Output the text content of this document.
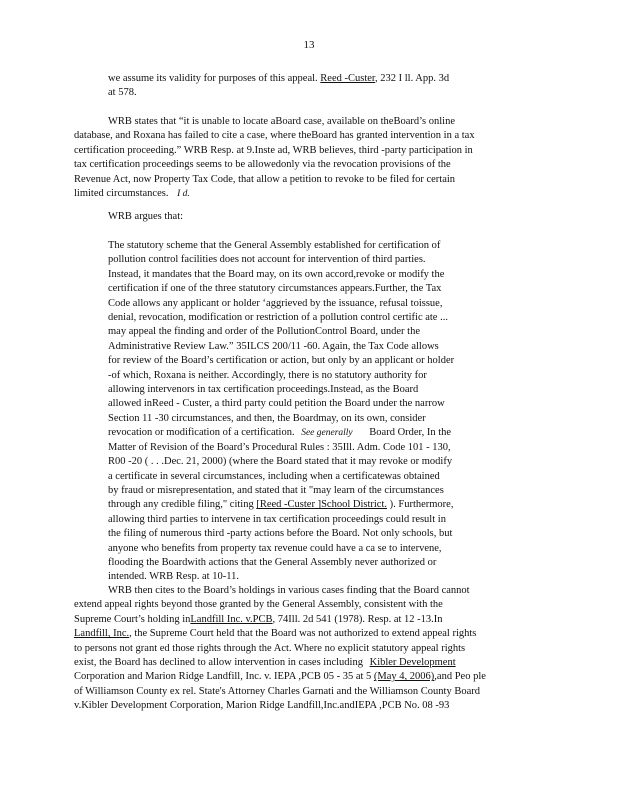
13
we assume its validity for purposes of this appeal. Reed -Custer, 232 I ll. App. 3d
at 578.
WRB states that “it is unable to locate aBoard case, available on theBoard’s online
database, and Roxana has failed to cite a case, where theBoard has granted intervention in a tax
certification proceeding.” WRB Resp. at 9.Inste ad, WRB believes, third -party participation in
tax certification proceedings seems to be allowedonly via the revocation provisions of the
Revenue Act, now Property Tax Code, that allow a petition to revoke to be filed for certain
limited circumstances. I d.
WRB argues that:
The statutory scheme that the General Assembly established for certification of
pollution control facilities does not account for intervention of third parties.
Instead, it mandates that the Board may, on its own accord,revoke or modify the
certification if one of the three statutory circumstances appears.Further, the Tax
Code allows any applicant or holder ‘aggrieved by the issuance, refusal toissue,
denial, revocation, modification or restriction of a pollution control certific ate ...
may appeal the finding and order of the PollutionControl Board, under the
Administrative Review Law.” 35ILCS 200/11 -60. Again, the Tax Code allows
for review of the Board’s certification or action, but only by an applicant or holder
-of which, Roxana is neither. Accordingly, there is no statutory authority for
allowing intervenors in tax certification proceedings.Instead, as the Board
allowed inReed - Custer, a third party could petition the Board under the narrow
Section 11 -30 circumstances, and then, the Boardmay, on its own, consider
revocation or modification of a certification. See generally Board Order, In the
Matter of Revision of the Board’s Procedural Rules : 35Ill. Adm. Code 101 - 130,
R00 -20 ( . . .Dec. 21, 2000) (where the Board stated that it may revoke or modify
a certificate in several circumstances, including when a certificatewas obtained
by fraud or misrepresentation, and stated that it "may learn of the circumstances
through any credible filing," citing [Reed -Custer ]School District. ). Furthermore,
allowing third parties to intervene in tax certification proceedings could result in
the filing of numerous third -party actions before the Board. Not only schools, but
anyone who benefits from property tax revenue could have a ca se to intervene,
flooding the Boardwith actions that the General Assembly never authorized or
intended. WRB Resp. at 10-11.
WRB then cites to the Board’s holdings in various cases finding that the Board cannot
extend appeal rights beyond those granted by the General Assembly, consistent with the
Supreme Court’s holding inLandfill Inc. v.PCB, 74Ill. 2d 541 (1978). Resp. at 12 -13.In
Landfill, Inc., the Supreme Court held that the Board was not authorized to extend appeal rights
to persons not grant ed those rights through the Act. Where no explicit statutory appeal rights
exist, the Board has declined to allow intervention in cases including Kibler Development
Corporation and Marion Ridge Landfill, Inc. v. IEPA ,PCB 05 - 35 at 5 (May 4, 2006),and Peo ple
of Williamson County ex rel. State's Attorney Charles Garnati and the Williamson County Board
v.Kibler Development Corporation, Marion Ridge Landfill,Inc.andIEPA ,PCB No. 08 -93
